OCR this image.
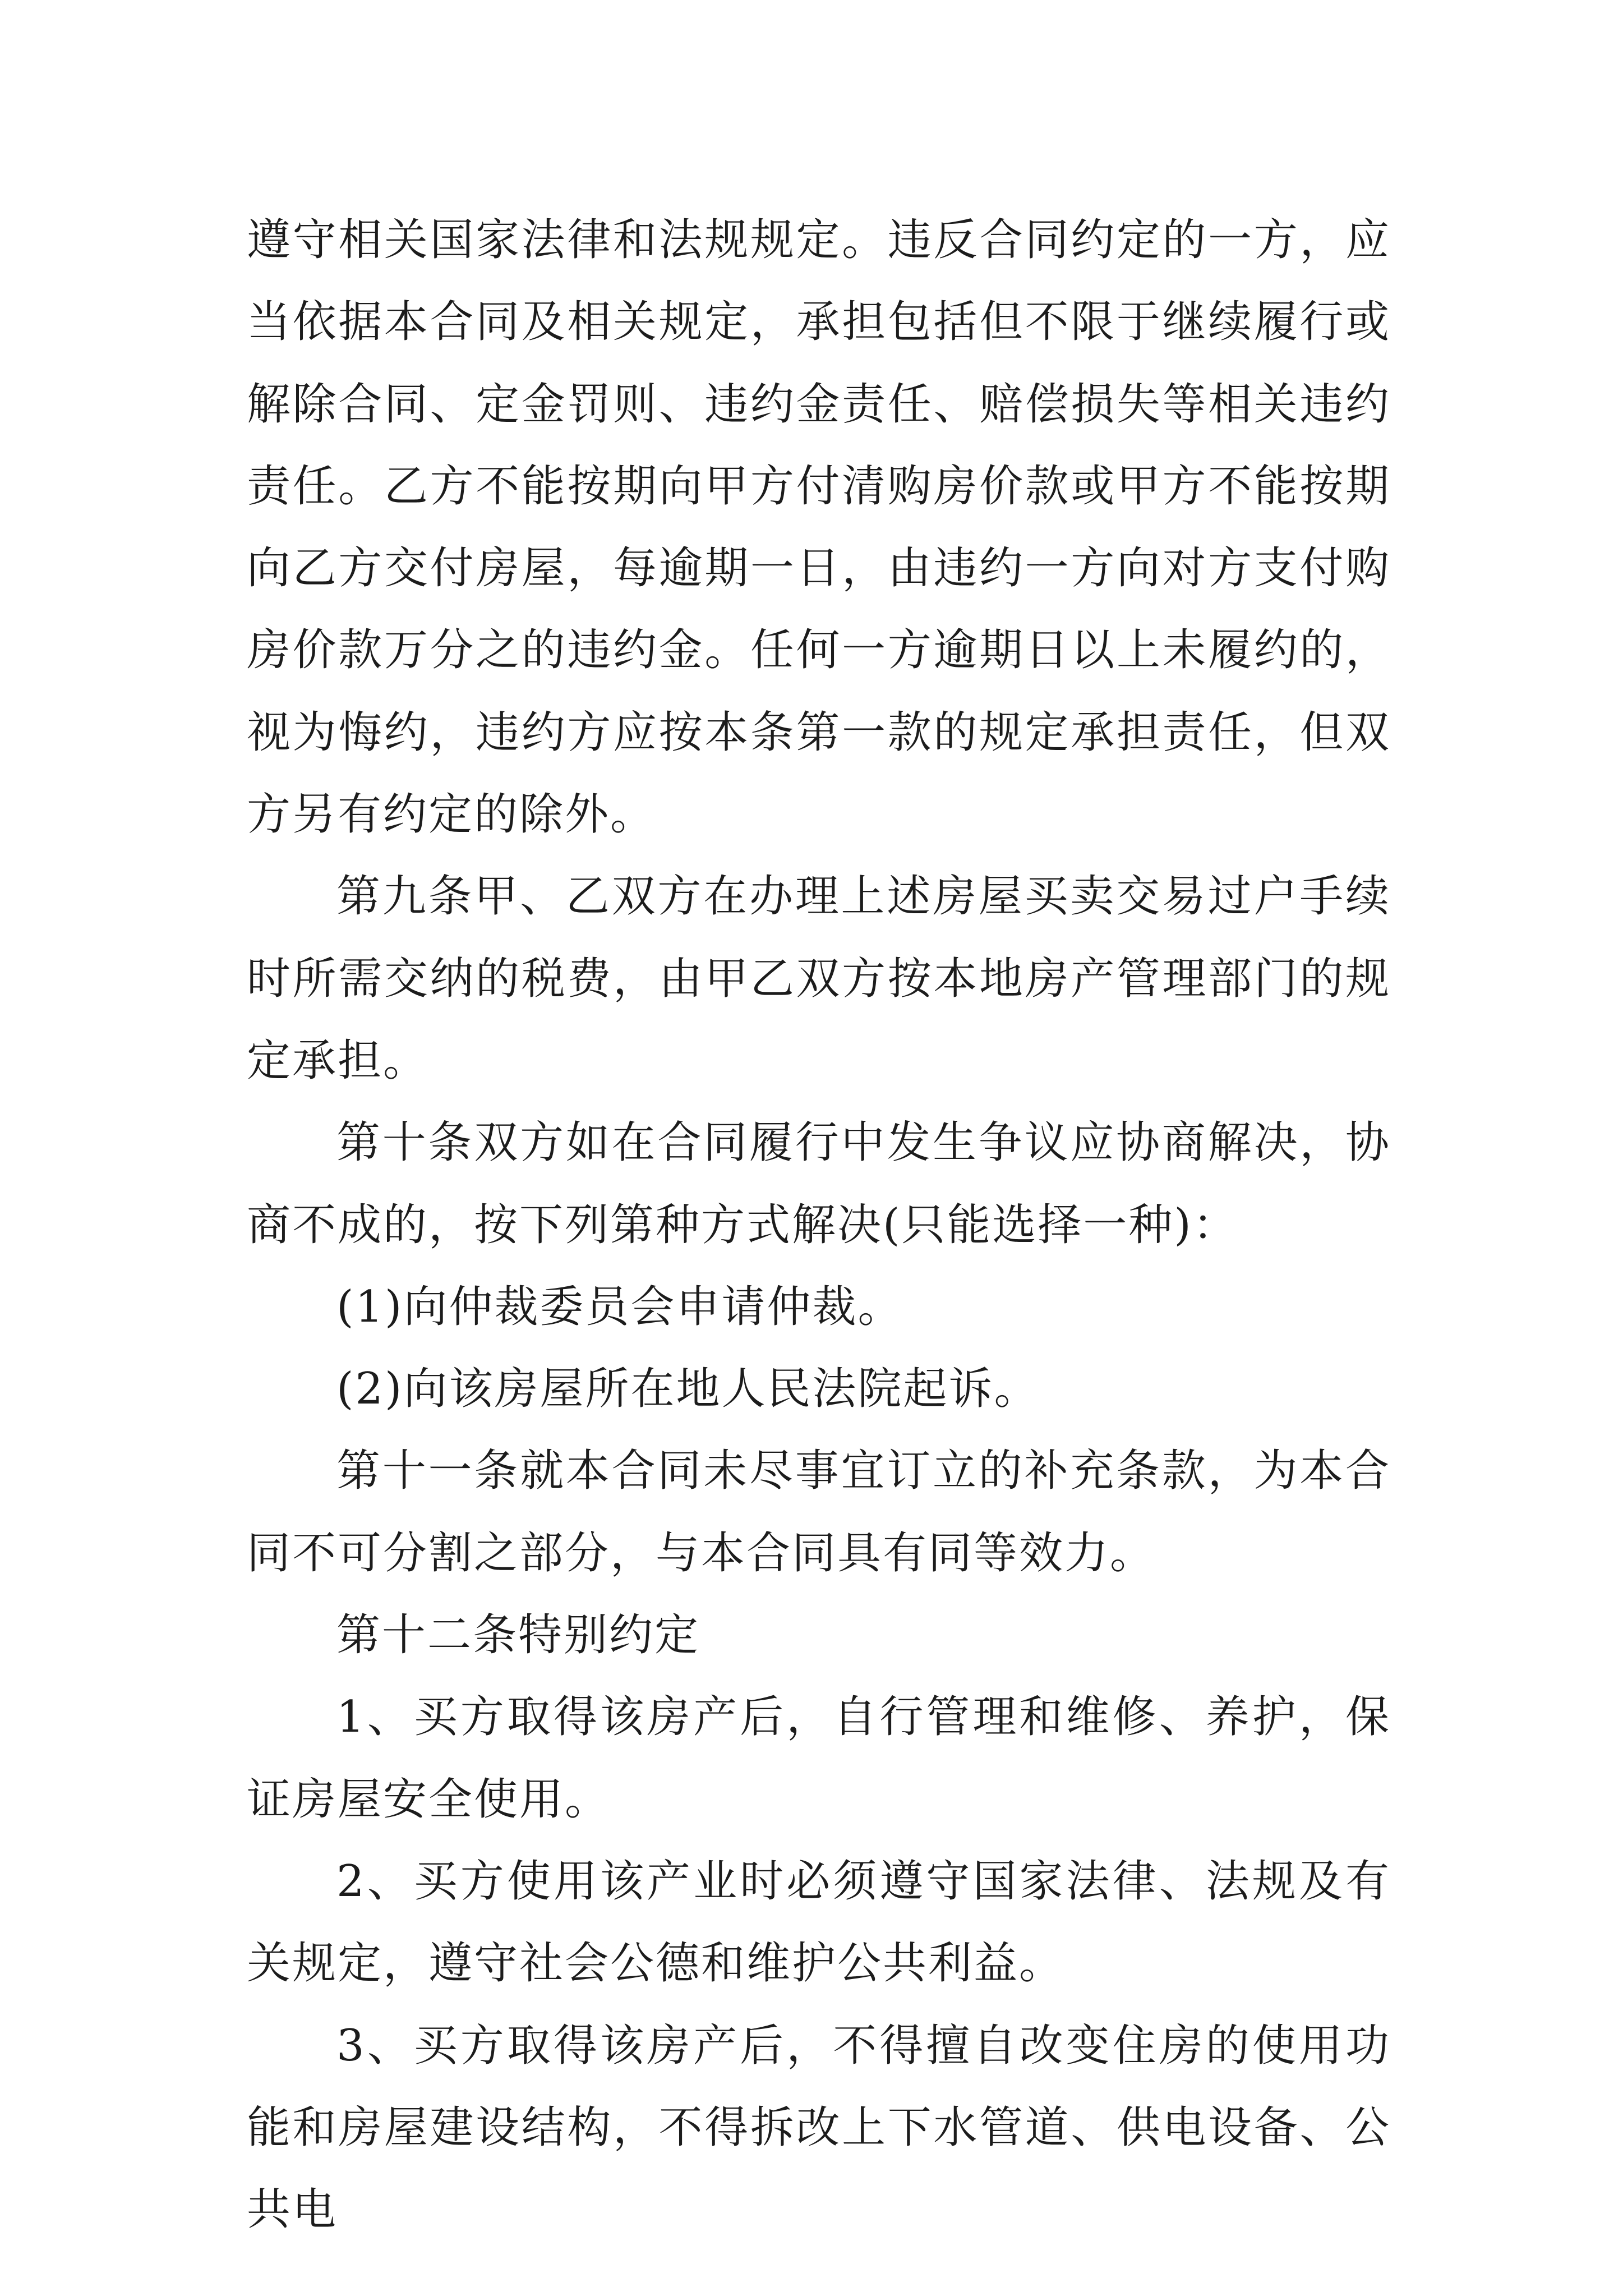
遵守相关国家法律和法规规定。违反合同约定的一方，应当依据本合同及相关规定，承担包括但不限于继续履行或解除合同、定金罚则、违约金责任、赔偿损失等相关违约责任。乙方不能按期向甲方付清购房价款或甲方不能按期向乙方交付房屋，每逾期一日，由违约一方向对方支付购房价款万分之的违约金。任何一方逾期日以上未履约的，视为悔约，违约方应按本条第一款的规定承担责任，但双方另有约定的除外。

第九条甲、乙双方在办理上述房屋买卖交易过户手续时所需交纳的税费，由甲乙双方按本地房产管理部门的规定承担。

第十条双方如在合同履行中发生争议应协商解决，协商不成的，按下列第种方式解决(只能选择一种)：

(1)向仲裁委员会申请仲裁。

(2)向该房屋所在地人民法院起诉。

第十一条就本合同未尽事宜订立的补充条款，为本合同不可分割之部分，与本合同具有同等效力。

第十二条特别约定

1、买方取得该房产后，自行管理和维修、养护，保证房屋安全使用。

2、买方使用该产业时必须遵守国家法律、法规及有关规定，遵守社会公德和维护公共利益。

3、买方取得该房产后，不得擅自改变住房的使用功能和房屋建设结构，不得拆改上下水管道、供电设备、公共电
